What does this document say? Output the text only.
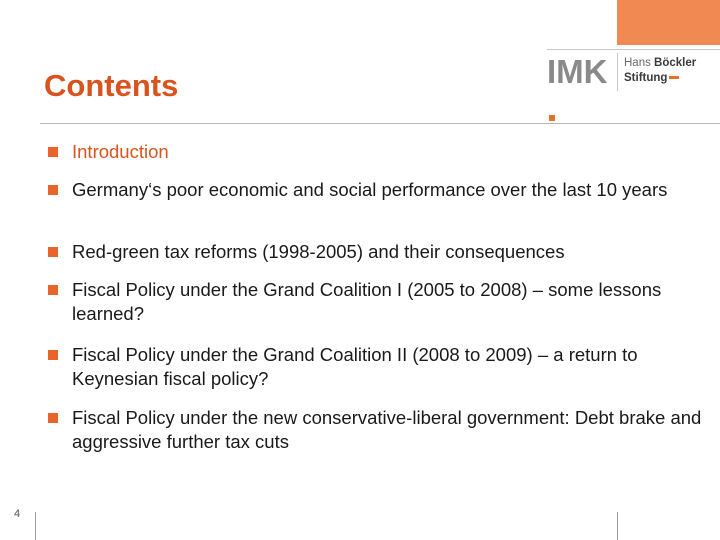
IMK	Hans Böckler
Stiftung
Contents
Introduction
Germany‘s poor economic and social performance over the last 10 years
Red-green tax reforms (1998-2005) and their consequences
Fiscal Policy under the Grand Coalition I (2005 to 2008) – some lessons learned?
Fiscal Policy under the Grand Coalition II (2008 to 2009) – a return to Keynesian fiscal policy?
Fiscal Policy under the new conservative-liberal government: Debt brake and aggressive further tax cuts
4
